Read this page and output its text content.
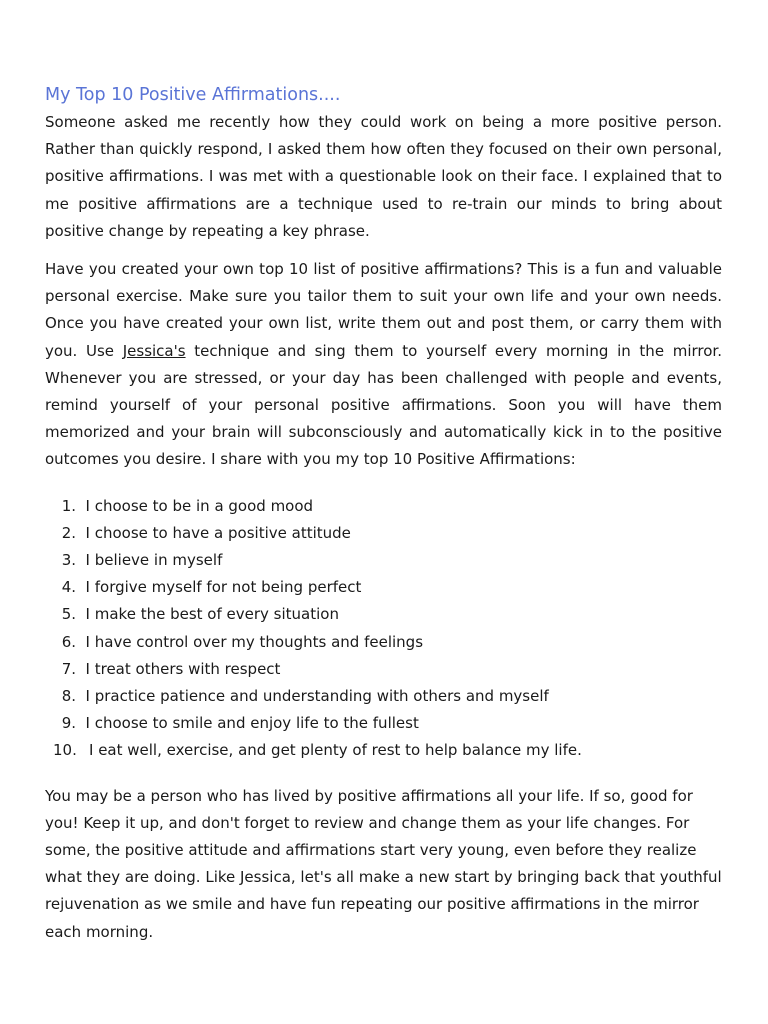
My Top 10 Positive Affirmations....

Someone asked me recently how they could work on being a more positive person. Rather than quickly respond, I asked them how often they focused on their own personal, positive affirmations. I was met with a questionable look on their face. I explained that to me positive affirmations are a technique used to re-train our minds to bring about positive change by repeating a key phrase.

Have you created your own top 10 list of positive affirmations? This is a fun and valuable personal exercise. Make sure you tailor them to suit your own life and your own needs. Once you have created your own list, write them out and post them, or carry them with you. Use Jessica's technique and sing them to yourself every morning in the mirror. Whenever you are stressed, or your day has been challenged with people and events, remind yourself of your personal positive affirmations. Soon you will have them memorized and your brain will subconsciously and automatically kick in to the positive outcomes you desire. I share with you my top 10 Positive Affirmations:

1.
I choose to be in a good mood
2.
I choose to have a positive attitude
3.
I believe in myself
4.
I forgive myself for not being perfect
5.
I make the best of every situation
6.
I have control over my thoughts and feelings
7.
I treat others with respect
8.
I practice patience and understanding with others and myself
9.
I choose to smile and enjoy life to the fullest
10. I eat well, exercise, and get plenty of rest to help balance my life.

You may be a person who has lived by positive affirmations all your life. If so, good for you! Keep it up, and don't forget to review and change them as your life changes. For some, the positive attitude and affirmations start very young, even before they realize what they are doing. Like Jessica, let's all make a new start by bringing back that youthful rejuvenation as we smile and have fun repeating our positive affirmations in the mirror each morning.
